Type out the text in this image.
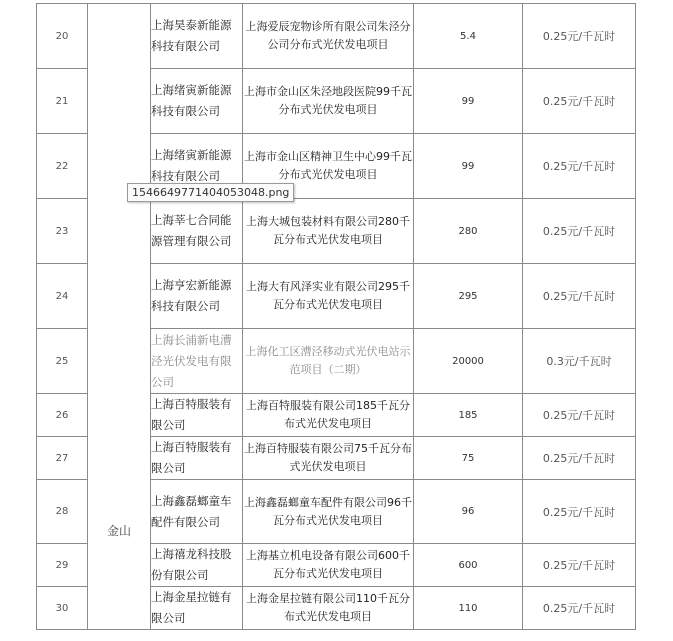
20	金山	上海昊泰新能源科技有限公司	上海爱辰宠物诊所有限公司朱泾分公司分布式光伏发电项目	5.4	0.25元/千瓦时
21		上海绪寅新能源科技有限公司	上海市金山区朱泾地段医院99千瓦分布式光伏发电项目	99	0.25元/千瓦时
22		上海绪寅新能源科技有限公司	上海市金山区精神卫生中心99千瓦分布式光伏发电项目	99	0.25元/千瓦时
23		上海莘七合同能源管理有限公司	上海大城包装材料有限公司280千瓦分布式光伏发电项目	280	0.25元/千瓦时
24		上海亨宏新能源科技有限公司	上海大有风泽实业有限公司295千瓦分布式光伏发电项目	295	0.25元/千瓦时
25		上海长浦新电漕泾光伏发电有限公司	上海化工区漕泾移动式光伏电站示范项目（二期）	20000	0.3元/千瓦时
26		上海百特服装有限公司	上海百特服装有限公司185千瓦分布式光伏发电项目	185	0.25元/千瓦时
27		上海百特服装有限公司	上海百特服装有限公司75千瓦分布式光伏发电项目	75	0.25元/千瓦时
28		上海鑫磊螂童车配件有限公司	上海鑫磊螂童车配件有限公司96千瓦分布式光伏发电项目	96	0.25元/千瓦时
29		上海禧龙科技股份有限公司	上海基立机电设备有限公司600千瓦分布式光伏发电项目	600	0.25元/千瓦时
30		上海金星拉链有限公司	上海金星拉链有限公司110千瓦分布式光伏发电项目	110	0.25元/千瓦时
1546649771404053048.png
